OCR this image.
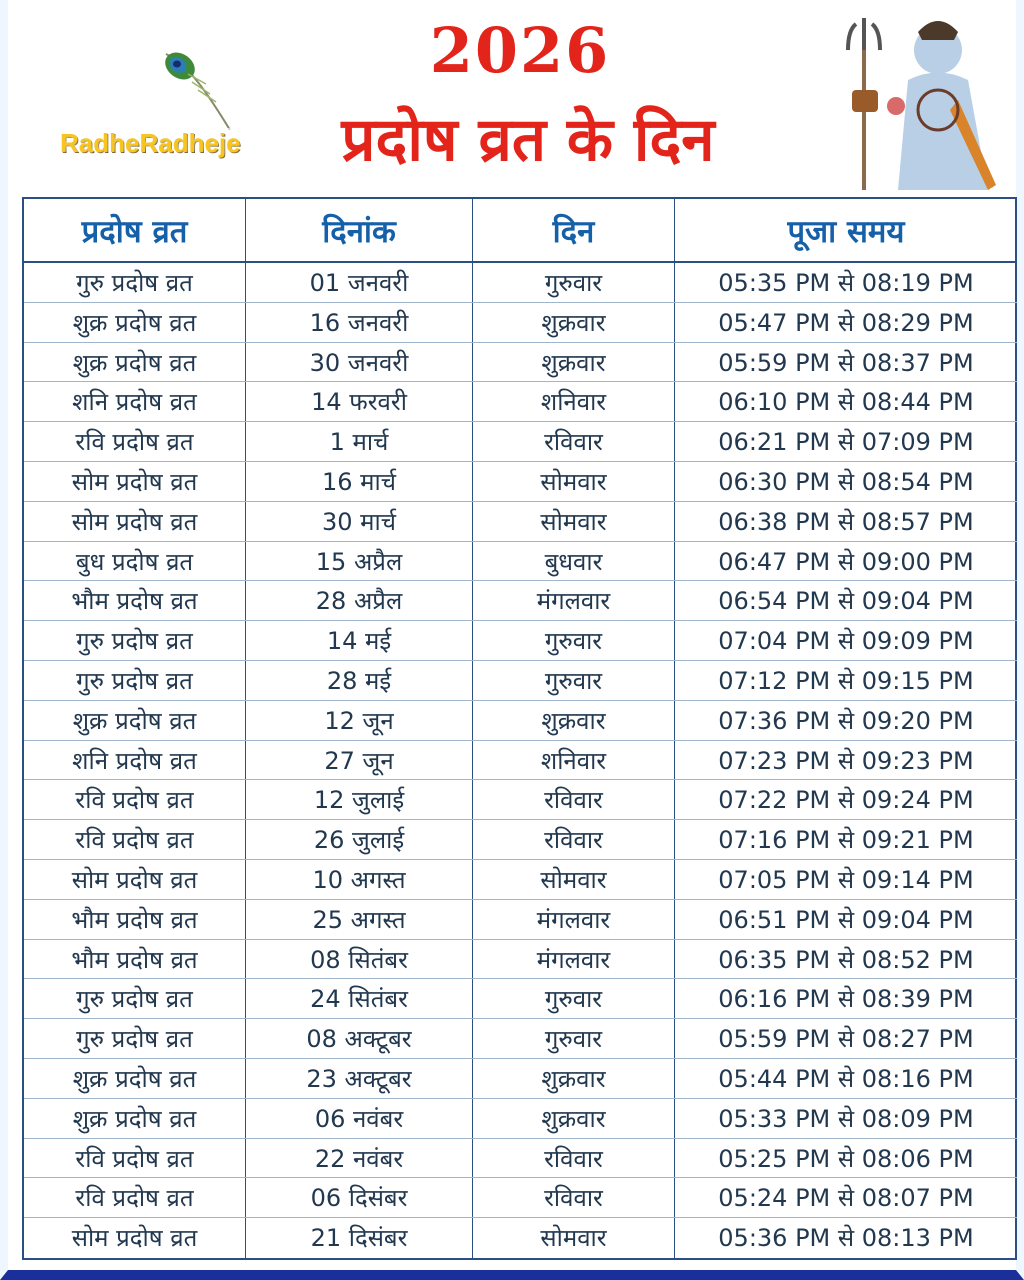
RadheRadheje
2026
प्रदोष व्रत के दिन
प्रदोष व्रत	दिनांक	दिन	पूजा समय
गुरु प्रदोष व्रत	01 जनवरी	गुरुवार	05:35 PM से 08:19 PM
शुक्र प्रदोष व्रत	16 जनवरी	शुक्रवार	05:47 PM से 08:29 PM
शुक्र प्रदोष व्रत	30 जनवरी	शुक्रवार	05:59 PM से 08:37 PM
शनि प्रदोष व्रत	14 फरवरी	शनिवार	06:10 PM से 08:44 PM
रवि प्रदोष व्रत	1 मार्च	रविवार	06:21 PM से 07:09 PM
सोम प्रदोष व्रत	16 मार्च	सोमवार	06:30 PM से 08:54 PM
सोम प्रदोष व्रत	30 मार्च	सोमवार	06:38 PM से 08:57 PM
बुध प्रदोष व्रत	15 अप्रैल	बुधवार	06:47 PM से 09:00 PM
भौम प्रदोष व्रत	28 अप्रैल	मंगलवार	06:54 PM से 09:04 PM
गुरु प्रदोष व्रत	14 मई	गुरुवार	07:04 PM से 09:09 PM
गुरु प्रदोष व्रत	28 मई	गुरुवार	07:12 PM से 09:15 PM
शुक्र प्रदोष व्रत	12 जून	शुक्रवार	07:36 PM से 09:20 PM
शनि प्रदोष व्रत	27 जून	शनिवार	07:23 PM से 09:23 PM
रवि प्रदोष व्रत	12 जुलाई	रविवार	07:22 PM से 09:24 PM
रवि प्रदोष व्रत	26 जुलाई	रविवार	07:16 PM से 09:21 PM
सोम प्रदोष व्रत	10 अगस्त	सोमवार	07:05 PM से 09:14 PM
भौम प्रदोष व्रत	25 अगस्त	मंगलवार	06:51 PM से 09:04 PM
भौम प्रदोष व्रत	08 सितंबर	मंगलवार	06:35 PM से 08:52 PM
गुरु प्रदोष व्रत	24 सितंबर	गुरुवार	06:16 PM से 08:39 PM
गुरु प्रदोष व्रत	08 अक्टूबर	गुरुवार	05:59 PM से 08:27 PM
शुक्र प्रदोष व्रत	23 अक्टूबर	शुक्रवार	05:44 PM से 08:16 PM
शुक्र प्रदोष व्रत	06 नवंबर	शुक्रवार	05:33 PM से 08:09 PM
रवि प्रदोष व्रत	22 नवंबर	रविवार	05:25 PM से 08:06 PM
रवि प्रदोष व्रत	06 दिसंबर	रविवार	05:24 PM से 08:07 PM
सोम प्रदोष व्रत	21 दिसंबर	सोमवार	05:36 PM से 08:13 PM
